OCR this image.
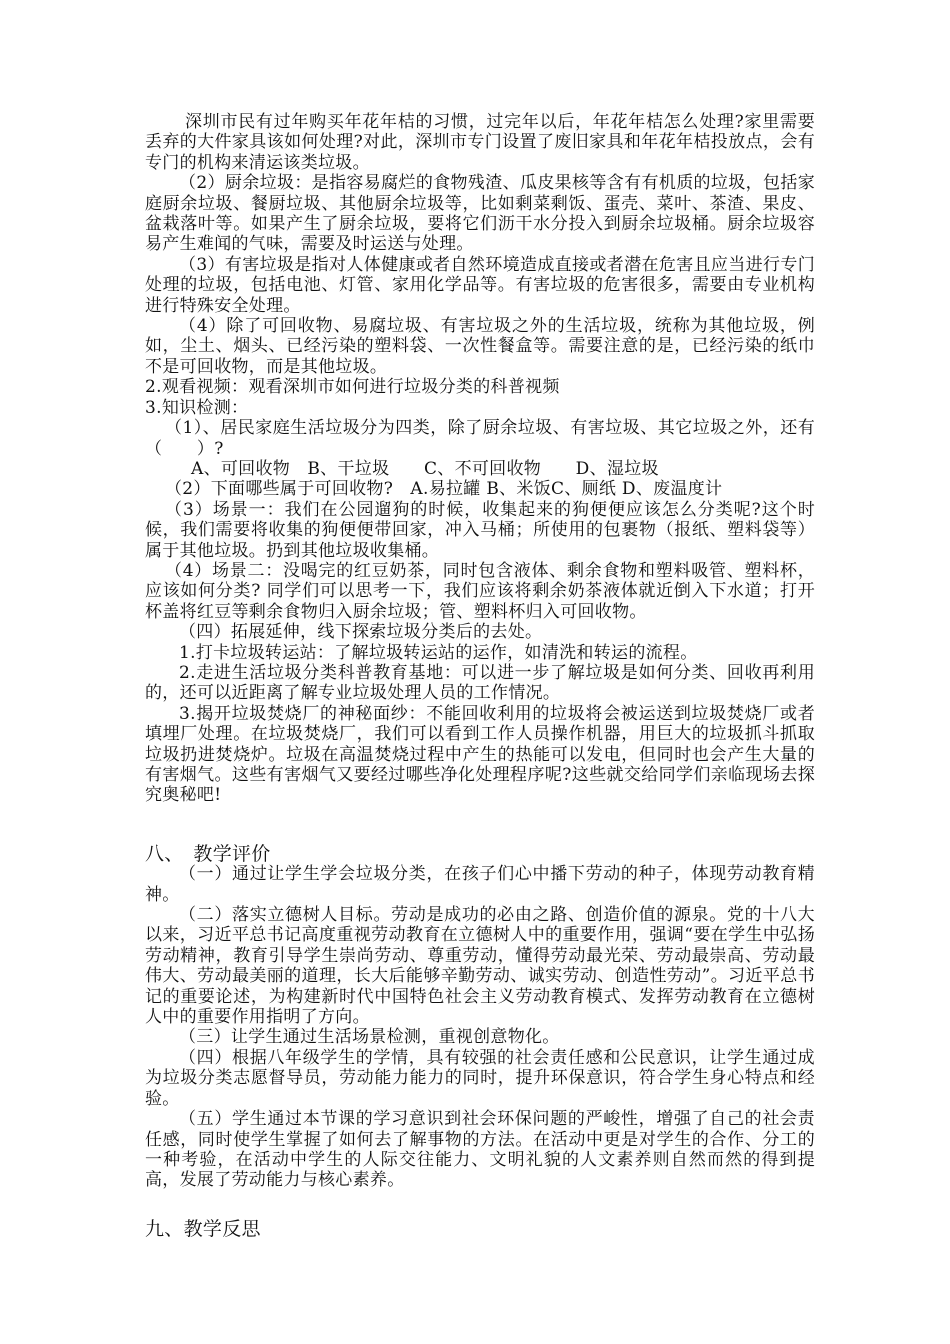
深圳市民有过年购买年花年桔的习惯，过完年以后，年花年桔怎么处理?家里需要丢弃的大件家具该如何处理?对此，深圳市专门设置了废旧家具和年花年桔投放点，会有专门的机构来清运该类垃圾。

（2）厨余垃圾：是指容易腐烂的食物残渣、瓜皮果核等含有有机质的垃圾，包括家庭厨余垃圾、餐厨垃圾、其他厨余垃圾等，比如剩菜剩饭、蛋壳、菜叶、茶渣、果皮、盆栽落叶等。如果产生了厨余垃圾，要将它们沥干水分投入到厨余垃圾桶。厨余垃圾容易产生难闻的气味，需要及时运送与处理。

（3）有害垃圾是指对人体健康或者自然环境造成直接或者潜在危害且应当进行专门处理的垃圾，包括电池、灯管、家用化学品等。有害垃圾的危害很多，需要由专业机构进行特殊安全处理。

（4）除了可回收物、易腐垃圾、有害垃圾之外的生活垃圾，统称为其他垃圾，例如，尘土、烟头、已经污染的塑料袋、一次性餐盒等。需要注意的是，已经污染的纸巾不是可回收物，而是其他垃圾。

2.观看视频：观看深圳市如何进行垃圾分类的科普视频

3.知识检测：

（1）、居民家庭生活垃圾分为四类，除了厨余垃圾、有害垃圾、其它垃圾之外，还有（　　）?

A、可回收物　B、干垃圾　　C、不可回收物　　D、湿垃圾

（2）下面哪些属于可回收物?　A.易拉罐 B、米饭C、厕纸 D、废温度计

（3）场景一：我们在公园遛狗的时候，收集起来的狗便便应该怎么分类呢?这个时候，我们需要将收集的狗便便带回家，冲入马桶；所使用的包裹物（报纸、塑料袋等）属于其他垃圾。扔到其他垃圾收集桶。

（4）场景二：没喝完的红豆奶茶，同时包含液体、剩余食物和塑料吸管、塑料杯，应该如何分类? 同学们可以思考一下，我们应该将剩余奶茶液体就近倒入下水道；打开杯盖将红豆等剩余食物归入厨余垃圾；管、塑料杯归入可回收物。

（四）拓展延伸，线下探索垃圾分类后的去处。

1.打卡垃圾转运站：了解垃圾转运站的运作，如清洗和转运的流程。

2.走进生活垃圾分类科普教育基地：可以进一步了解垃圾是如何分类、回收再利用的，还可以近距离了解专业垃圾处理人员的工作情况。

3.揭开垃圾焚烧厂的神秘面纱：不能回收利用的垃圾将会被运送到垃圾焚烧厂或者填埋厂处理。在垃圾焚烧厂，我们可以看到工作人员操作机器，用巨大的垃圾抓斗抓取垃圾扔进焚烧炉。垃圾在高温焚烧过程中产生的热能可以发电，但同时也会产生大量的有害烟气。这些有害烟气又要经过哪些净化处理程序呢?这些就交给同学们亲临现场去探究奥秘吧!

八、　教学评价

（一）通过让学生学会垃圾分类，在孩子们心中播下劳动的种子，体现劳动教育精神。

（二）落实立德树人目标。劳动是成功的必由之路、创造价值的源泉。党的十八大以来，习近平总书记高度重视劳动教育在立德树人中的重要作用，强调“要在学生中弘扬劳动精神，教育引导学生崇尚劳动、尊重劳动，懂得劳动最光荣、劳动最崇高、劳动最伟大、劳动最美丽的道理，长大后能够辛勤劳动、诚实劳动、创造性劳动”。习近平总书记的重要论述，为构建新时代中国特色社会主义劳动教育模式、发挥劳动教育在立德树人中的重要作用指明了方向。

（三）让学生通过生活场景检测，重视创意物化。

（四）根据八年级学生的学情，具有较强的社会责任感和公民意识，让学生通过成为垃圾分类志愿督导员，劳动能力能力的同时，提升环保意识，符合学生身心特点和经验。

（五）学生通过本节课的学习意识到社会环保问题的严峻性，增强了自己的社会责任感，同时使学生掌握了如何去了解事物的方法。在活动中更是对学生的合作、分工的一种考验，在活动中学生的人际交往能力、文明礼貌的人文素养则自然而然的得到提高，发展了劳动能力与核心素养。

九、教学反思
